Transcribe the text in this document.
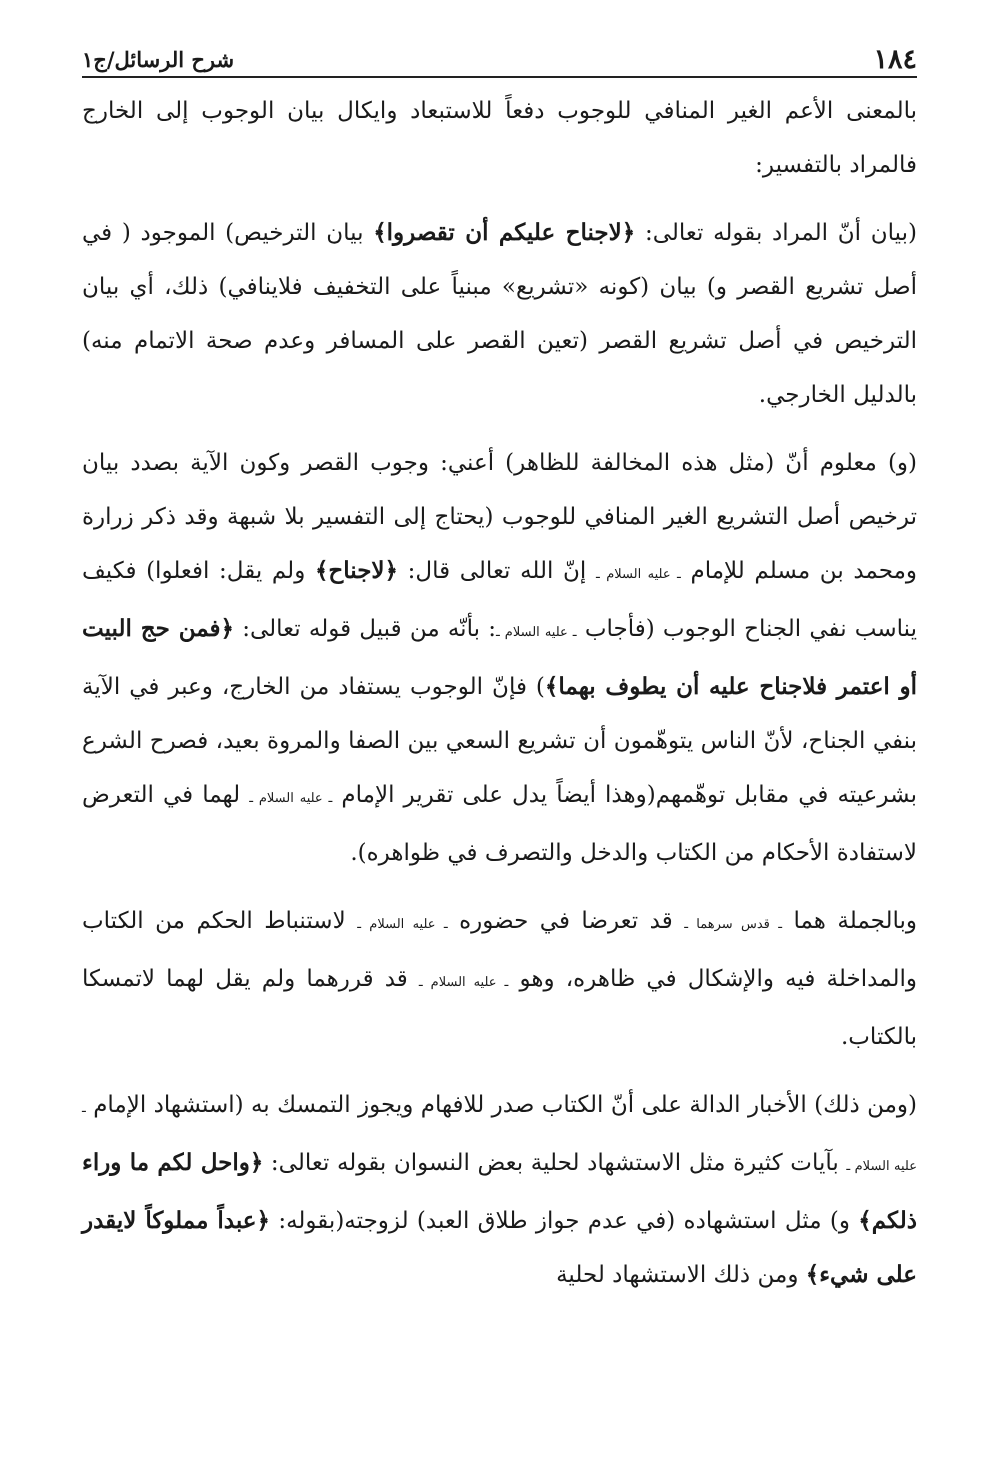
١٨٤
شرح الرسائل/ج١

بالمعنى الأعم الغير المنافي للوجوب دفعاً للاستبعاد وايكال بيان الوجوب إلى الخارج فالمراد بالتفسير:

(بيان أنّ المراد بقوله تعالى: ﴿لاجناح عليكم أن تقصروا﴾ بيان الترخيص) الموجود ( في أصل تشريع القصر و) بيان (كونه «تشريع» مبنياً على التخفيف فلاينافي) ذلك، أي بيان الترخيص في أصل تشريع القصر (تعين القصر على المسافر وعدم صحة الاتمام منه) بالدليل الخارجي.

(و) معلوم أنّ (مثل هذه المخالفة للظاهر) أعني: وجوب القصر وكون الآية بصدد بيان ترخيص أصل التشريع الغير المنافي للوجوب (يحتاج إلى التفسير بلا شبهة وقد ذكر زرارة ومحمد بن مسلم للإمام ـ عليه السلام ـ إنّ الله تعالى قال: ﴿لاجناح﴾ ولم يقل: افعلوا) فكيف يناسب نفي الجناح الوجوب (فأجاب ـ عليه السلام ـ: بأنّه من قبيل قوله تعالى: ﴿فمن حج البيت أو اعتمر فلاجناح عليه أن يطوف بهما﴾) فإنّ الوجوب يستفاد من الخارج، وعبر في الآية بنفي الجناح، لأنّ الناس يتوهّمون أن تشريع السعي بين الصفا والمروة بعيد، فصرح الشرع بشرعيته في مقابل توهّمهم(وهذا أيضاً يدل على تقرير الإمام ـ عليه السلام ـ لهما في التعرض لاستفادة الأحكام من الكتاب والدخل والتصرف في ظواهره).

وبالجملة هما ـ قدس سرهما ـ قد تعرضا في حضوره ـ عليه السلام ـ لاستنباط الحكم من الكتاب والمداخلة فيه والإشكال في ظاهره، وهو ـ عليه السلام ـ قد قررهما ولم يقل لهما لاتمسكا بالكتاب.

(ومن ذلك) الأخبار الدالة على أنّ الكتاب صدر للافهام ويجوز التمسك به (استشهاد الإمام ـ عليه السلام ـ بآيات كثيرة مثل الاستشهاد لحلية بعض النسوان بقوله تعالى: ﴿واحل لكم ما وراء ذلكم﴾ و) مثل استشهاده (في عدم جواز طلاق العبد) لزوجته(بقوله: ﴿عبداً مملوكاً لايقدر على شيء﴾ ومن ذلك الاستشهاد لحلية
